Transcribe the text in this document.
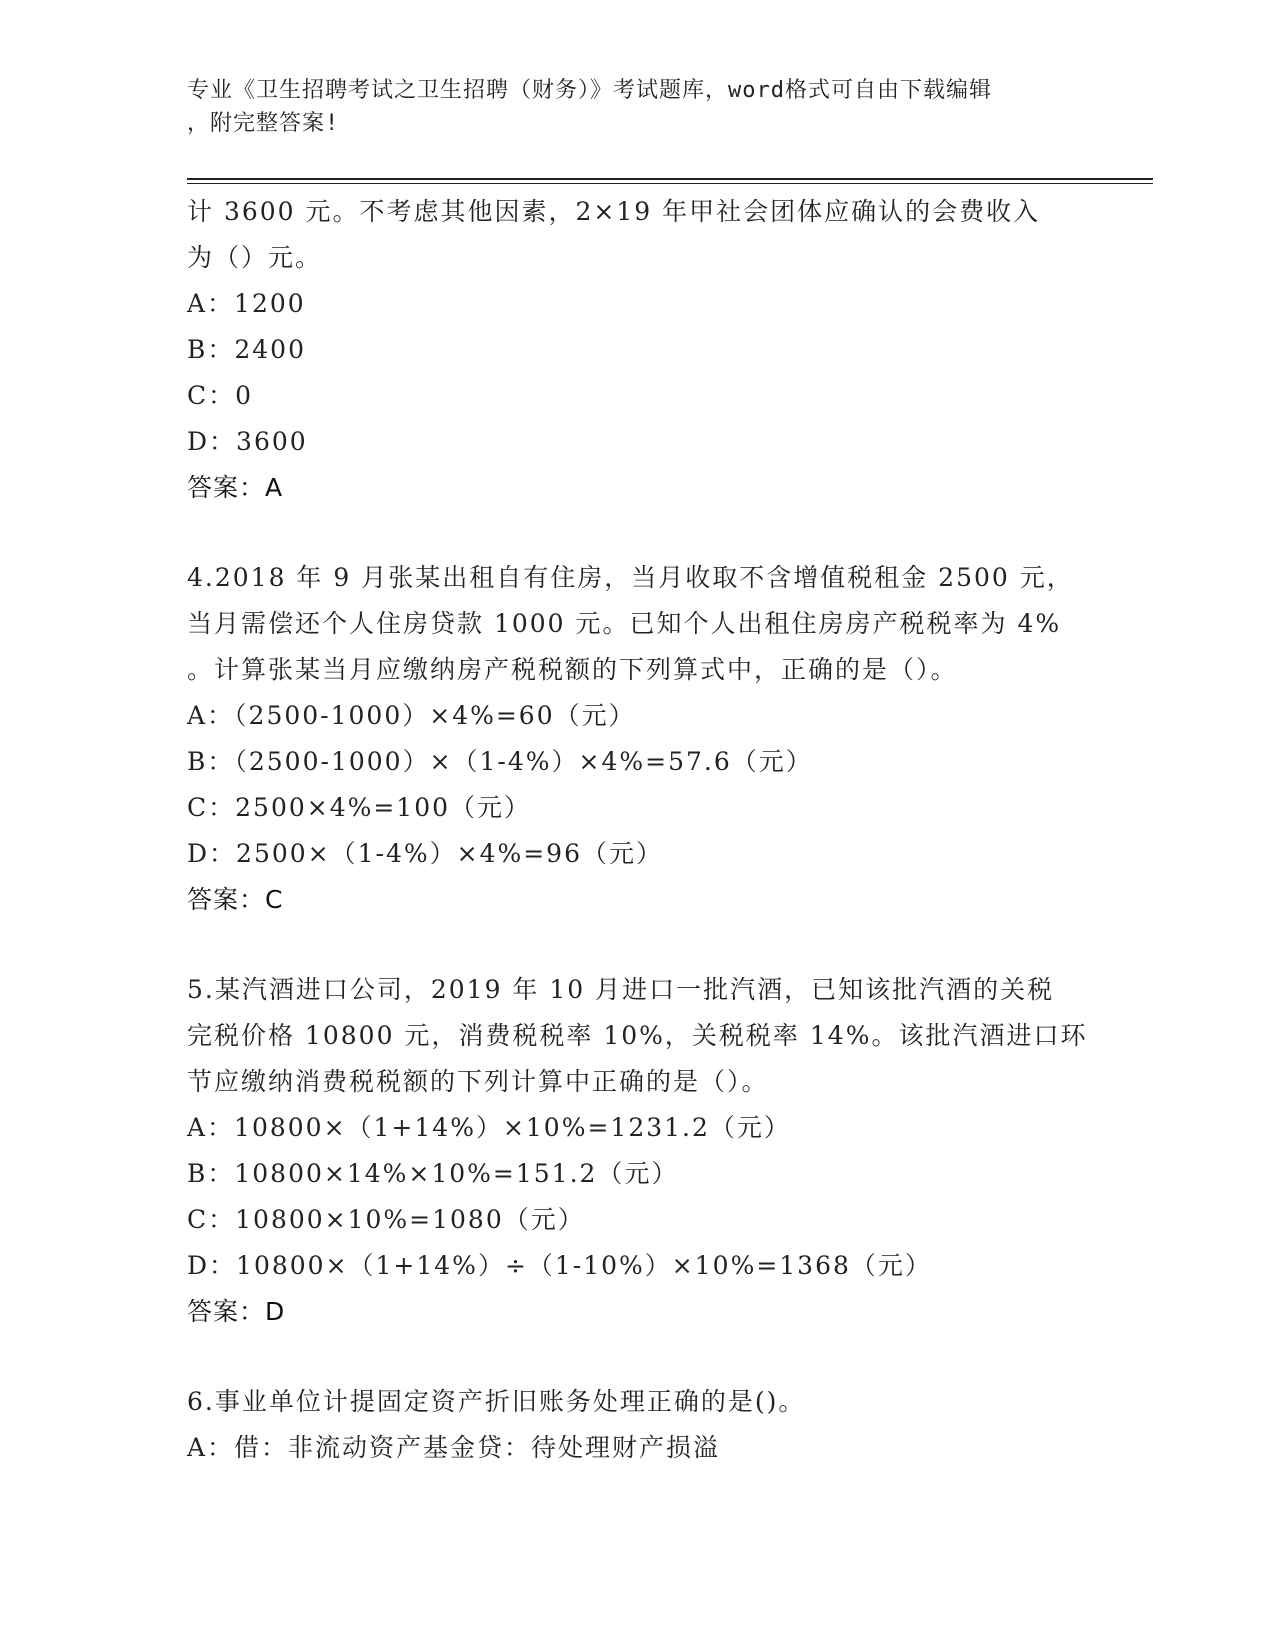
专业《卫生招聘考试之卫生招聘（财务）》考试题库，word格式可自由下载编辑
，附完整答案!
计 3600 元。不考虑其他因素，2×19 年甲社会团体应确认的会费收入
为（）元。
A：1200
B：2400
C：0
D：3600
答案：A
4.2018 年 9 月张某出租自有住房，当月收取不含增值税租金 2500 元，
当月需偿还个人住房贷款 1000 元。已知个人出租住房房产税税率为 4%
。计算张某当月应缴纳房产税税额的下列算式中，正确的是（）。
A：（2500-1000）×4%=60（元）
B：（2500-1000）×（1-4%）×4%=57.6（元）
C：2500×4%=100（元）
D：2500×（1-4%）×4%=96（元）
答案：C
5.某汽酒进口公司，2019 年 10 月进口一批汽酒，已知该批汽酒的关税
完税价格 10800 元，消费税税率 10%，关税税率 14%。该批汽酒进口环
节应缴纳消费税税额的下列计算中正确的是（）。
A：10800×（1+14%）×10%=1231.2（元）
B：10800×14%×10%=151.2（元）
C：10800×10%=1080（元）
D：10800×（1+14%）÷（1-10%）×10%=1368（元）
答案：D
6.事业单位计提固定资产折旧账务处理正确的是()。
A：借：非流动资产基金贷：待处理财产损溢
